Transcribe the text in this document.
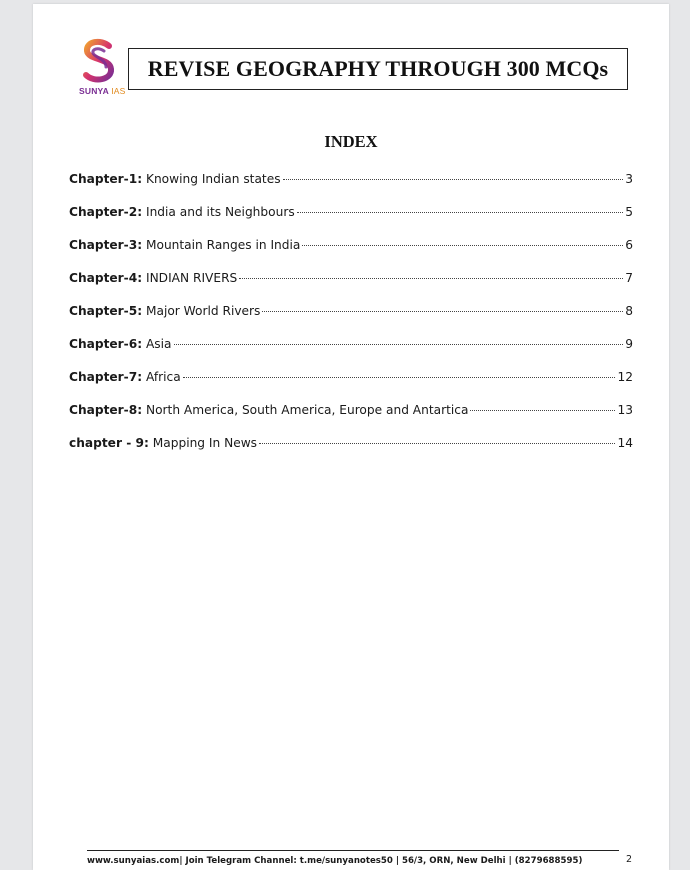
SUNYA IAS
REVISE GEOGRAPHY THROUGH 300 MCQs
INDEX
Chapter-1: Knowing Indian states	3
Chapter-2: India and its Neighbours	5
Chapter-3: Mountain Ranges in India	6
Chapter-4: INDIAN RIVERS	7
Chapter-5: Major World Rivers	8
Chapter-6: Asia	9
Chapter-7: Africa	12
Chapter-8: North America, South America, Europe and Antartica	13
chapter - 9: Mapping In News	14
www.sunyaias.com| Join Telegram Channel: t.me/sunyanotes50 | 56/3, ORN, New Delhi | (8279688595)	2
